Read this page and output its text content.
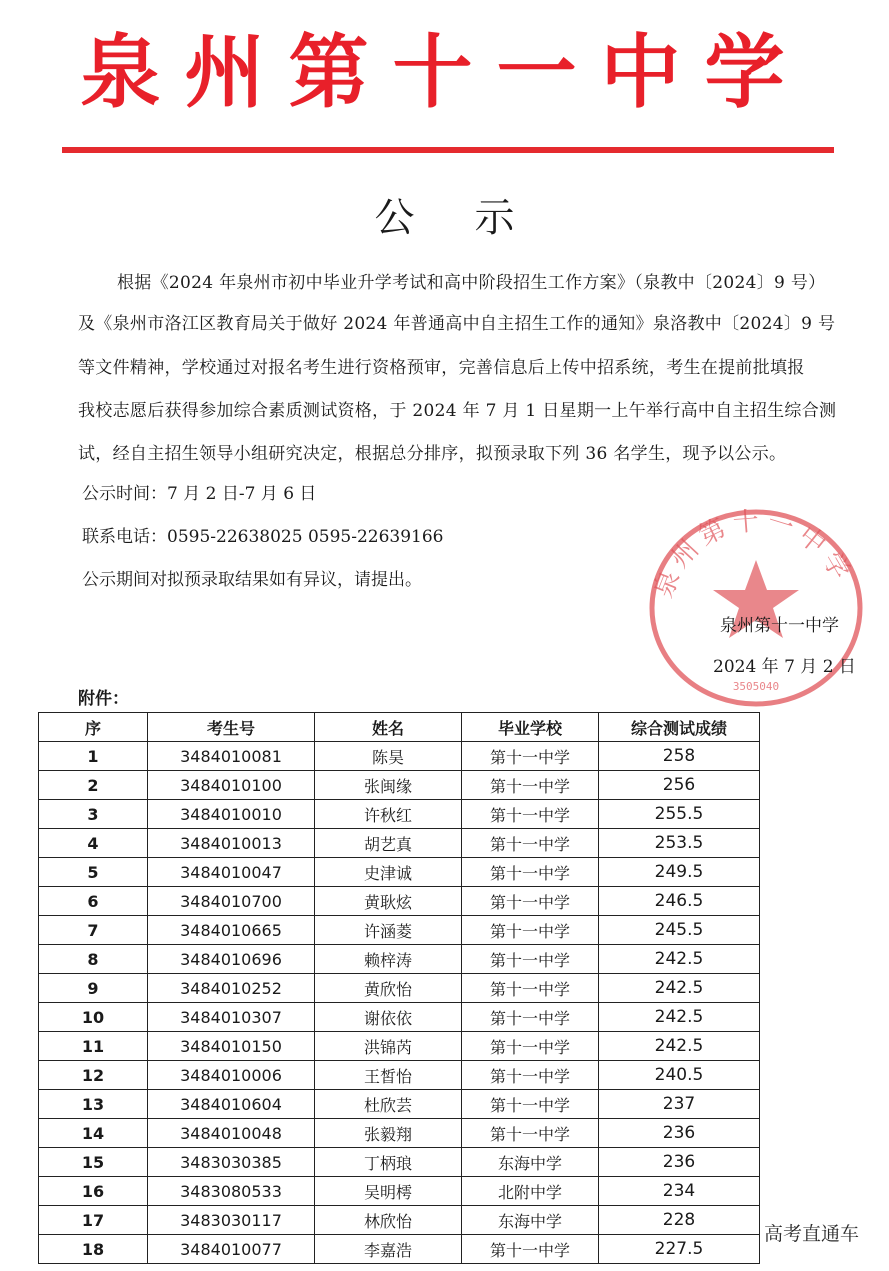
泉州第十一中学
公示
根据《2024 年泉州市初中毕业升学考试和高中阶段招生工作方案》（泉教中〔2024〕9 号）
及《泉州市洛江区教育局关于做好 2024 年普通高中自主招生工作的通知》泉洛教中〔2024〕9 号
等文件精神，学校通过对报名考生进行资格预审，完善信息后上传中招系统，考生在提前批填报
我校志愿后获得参加综合素质测试资格，于 2024 年 7 月 1 日星期一上午举行高中自主招生综合测
试，经自主招生领导小组研究决定，根据总分排序，拟预录取下列 36 名学生，现予以公示。
公示时间：7 月 2 日-7 月 6 日
联系电话：0595-22638025 0595-22639166
公示期间对拟预录取结果如有异议，请提出。	泉州第十一中学
3505040
泉州第十一中学
2024 年 7 月 2 日
附件：
序	考生号	姓名	毕业学校	综合测试成绩
1	3484010081	陈昊	第十一中学	258
2	3484010100	张闽缘	第十一中学	256
3	3484010010	许秋红	第十一中学	255.5
4	3484010013	胡艺真	第十一中学	253.5
5	3484010047	史津诚	第十一中学	249.5
6	3484010700	黄耿炫	第十一中学	246.5
7	3484010665	许涵菱	第十一中学	245.5
8	3484010696	赖梓涛	第十一中学	242.5
9	3484010252	黄欣怡	第十一中学	242.5
10	3484010307	谢依依	第十一中学	242.5
11	3484010150	洪锦芮	第十一中学	242.5
12	3484010006	王皙怡	第十一中学	240.5
13	3484010604	杜欣芸	第十一中学	237
14	3484010048	张毅翔	第十一中学	236
15	3483030385	丁柄琅	东海中学	236
16	3483080533	吴明樗	北附中学	234
17	3483030117	林欣怡	东海中学	228
18	3484010077	李嘉浩	第十一中学	227.5
高考直通车
